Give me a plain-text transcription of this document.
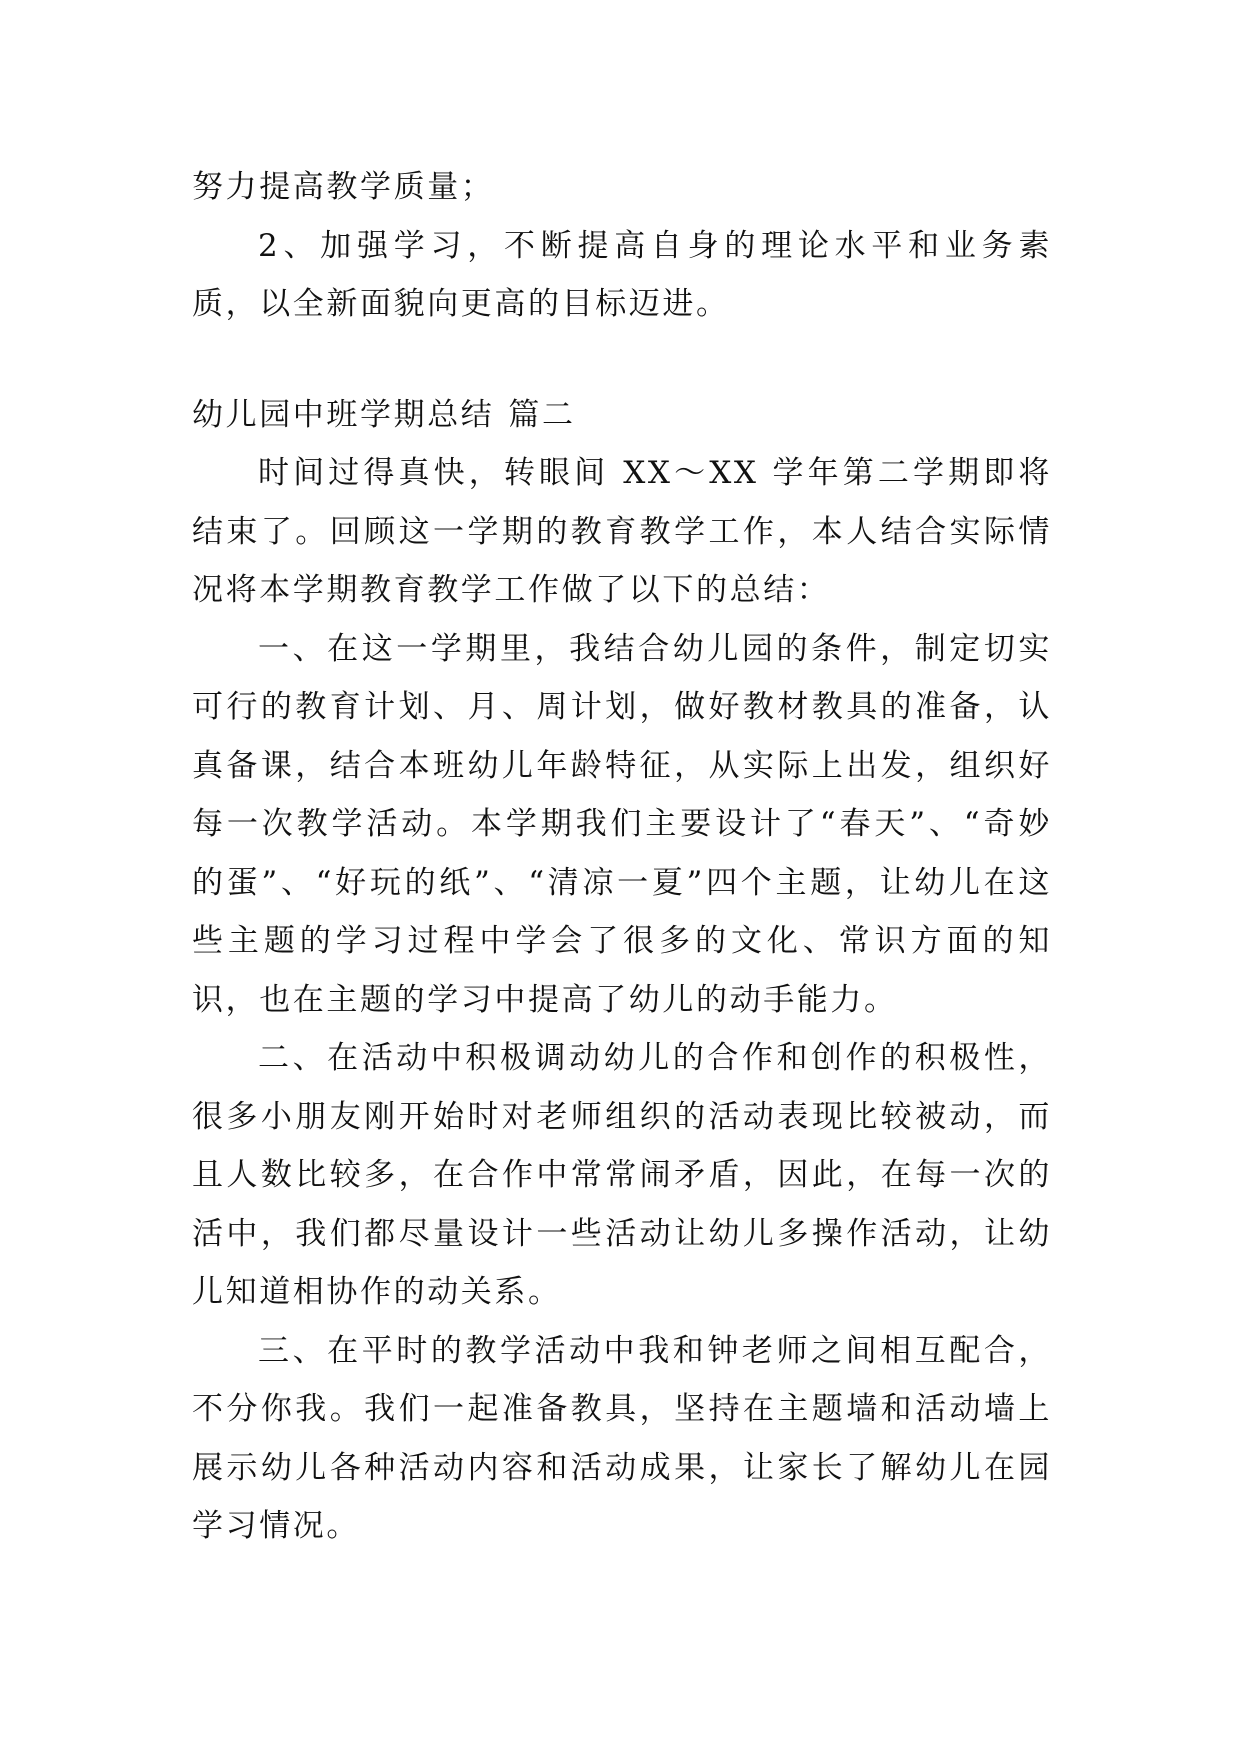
努力提高教学质量；

2、加强学习，不断提高自身的理论水平和业务素质，以全新面貌向更高的目标迈进。

幼儿园中班学期总结 篇二

时间过得真快，转眼间 XX～XX 学年第二学期即将结束了。回顾这一学期的教育教学工作，本人结合实际情况将本学期教育教学工作做了以下的总结：

一、在这一学期里，我结合幼儿园的条件，制定切实可行的教育计划、月、周计划，做好教材教具的准备，认真备课，结合本班幼儿年龄特征，从实际上出发，组织好每一次教学活动。本学期我们主要设计了“春天”、“奇妙的蛋”、“好玩的纸”、“清凉一夏”四个主题，让幼儿在这些主题的学习过程中学会了很多的文化、常识方面的知识，也在主题的学习中提高了幼儿的动手能力。

二、在活动中积极调动幼儿的合作和创作的积极性，很多小朋友刚开始时对老师组织的活动表现比较被动，而且人数比较多，在合作中常常闹矛盾，因此，在每一次的活中，我们都尽量设计一些活动让幼儿多操作活动，让幼儿知道相协作的动关系。

三、在平时的教学活动中我和钟老师之间相互配合，不分你我。我们一起准备教具，坚持在主题墙和活动墙上展示幼儿各种活动内容和活动成果，让家长了解幼儿在园学习情况。
